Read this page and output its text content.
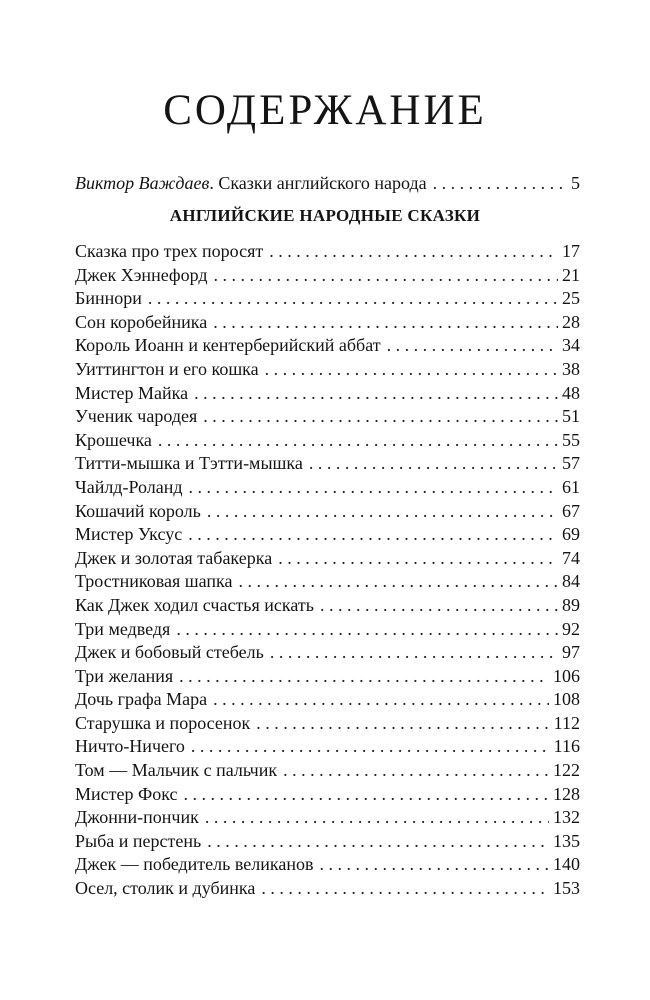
СОДЕРЖАНИЕ
Виктор Важдаев. Сказки английского народа . . .	5
АНГЛИЙСКИЕ НАРОДНЫЕ СКАЗКИ
Сказка про трех поросят . . .	17
Джек Хэннефорд . . .	21
Биннори . . .	25
Сон коробейника . . .	28
Король Иоанн и кентерберийский аббат . . .	34
Уиттингтон и его кошка . . .	38
Мистер Майка . . .	48
Ученик чародея . . .	51
Крошечка . . .	55
Титти-мышка и Тэтти-мышка . . .	57
Чайлд-Роланд . . .	61
Кошачий король . . .	67
Мистер Уксус . . .	69
Джек и золотая табакерка . . .	74
Тростниковая шапка . . .	84
Как Джек ходил счастья искать . . .	89
Три медведя . . .	92
Джек и бобовый стебель . . .	97
Три желания . . .	106
Дочь графа Мара . . .	108
Старушка и поросенок . . .	112
Ничто-Ничего . . .	116
Том — Мальчик с пальчик . . .	122
Мистер Фокс . . .	128
Джонни-пончик . . .	132
Рыба и перстень . . .	135
Джек — победитель великанов . . .	140
Осел, столик и дубинка . . .	153
